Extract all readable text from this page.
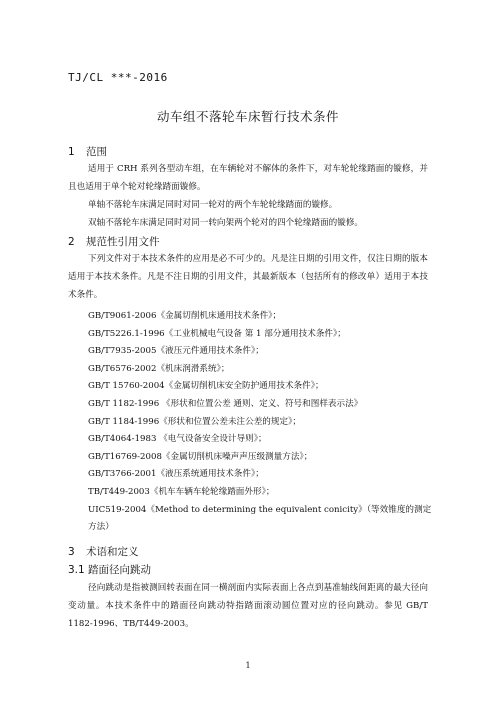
TJ/CL ***-2016
动车组不落轮车床暂行技术条件
1 范围
适用于 CRH 系列各型动车组，在车辆轮对不解体的条件下，对车轮轮缘踏面的镟修，并且也适用于单个轮对轮缘踏面镟修。
单轴不落轮车床满足同时对同一轮对的两个车轮轮缘踏面的镟修。
双轴不落轮车床满足同时对同一转向架两个轮对的四个轮缘踏面的镟修。
2 规范性引用文件
下列文件对于本技术条件的应用是必不可少的。凡是注日期的引用文件，仅注日期的版本适用于本技术条件。凡是不注日期的引用文件，其最新版本（包括所有的修改单）适用于本技术条件。
GB/T9061-2006《金属切削机床通用技术条件》；
GB/T5226.1-1996《工业机械电气设备 第 1 部分通用技术条件》；
GB/T7935-2005《液压元件通用技术条件》；
GB/T6576-2002《机床润滑系统》；
GB/T 15760-2004《金属切削机床安全防护通用技术条件》；
GB/T 1182-1996 《形状和位置公差 通则、定义、符号和图样表示法》
GB/T 1184-1996《形状和位置公差未注公差的规定》；
GB/T4064-1983 《电气设备安全设计导则》；
GB/T16769-2008《金属切削机床噪声声压级测量方法》；
GB/T3766-2001《液压系统通用技术条件》；
TB/T449-2003《机车车辆车轮轮缘踏面外形》；
UIC519-2004《Method to determining the equivalent conicity》（等效锥度的测定方法）
3 术语和定义
3.1 踏面径向跳动
径向跳动是指被测回转表面在同一横剖面内实际表面上各点到基准轴线间距离的最大径向变动量。本技术条件中的踏面径向跳动特指踏面滚动圆位置对应的径向跳动。参见 GB/T 1182-1996、TB/T449-2003。
1
